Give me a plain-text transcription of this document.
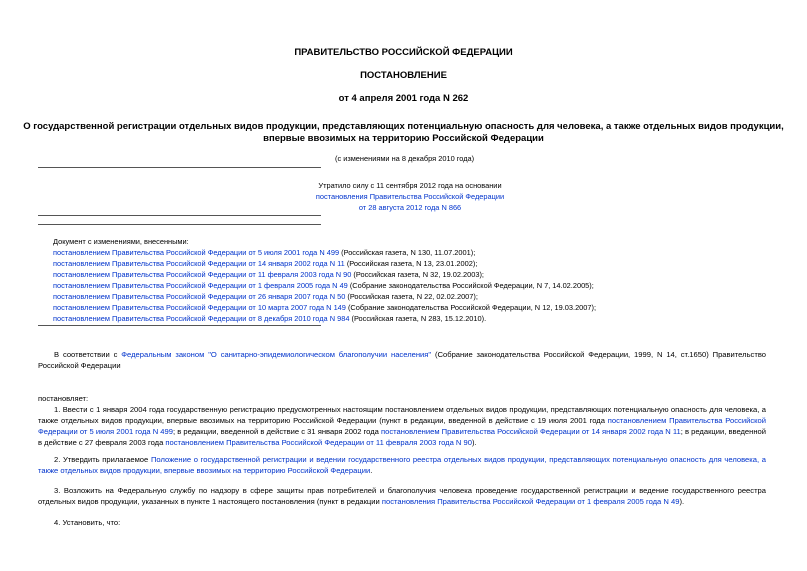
ПРАВИТЕЛЬСТВО РОССИЙСКОЙ ФЕДЕРАЦИИ
ПОСТАНОВЛЕНИЕ
от 4 апреля 2001 года N 262
О государственной регистрации отдельных видов продукции, представляющих потенциальную опасность для человека, а также отдельных видов продукции,
впервые ввозимых на территорию Российской Федерации
(с изменениями на 8 декабря 2010 года)
Утратило силу с 11 сентября 2012 года на основании
постановления Правительства Российской Федерации
от 28 августа 2012 года N 866
Документ с изменениями, внесенными:
постановлением Правительства Российской Федерации от 5 июля 2001 года N 499 (Российская газета, N 130, 11.07.2001);
постановлением Правительства Российской Федерации от 14 января 2002 года N 11 (Российская газета, N 13, 23.01.2002);
постановлением Правительства Российской Федерации от 11 февраля 2003 года N 90 (Российская газета, N 32, 19.02.2003);
постановлением Правительства Российской Федерации от 1 февраля 2005 года N 49 (Собрание законодательства Российской Федерации, N 7, 14.02.2005);
постановлением Правительства Российской Федерации от 26 января 2007 года N 50 (Российская газета, N 22, 02.02.2007);
постановлением Правительства Российской Федерации от 10 марта 2007 года N 149 (Собрание законодательства Российской Федерации, N 12, 19.03.2007);
постановлением Правительства Российской Федерации от 8 декабря 2010 года N 984 (Российская газета, N 283, 15.12.2010).
В соответствии с Федеральным законом "О санитарно-эпидемиологическом благополучии населения" (Собрание законодательства Российской Федерации, 1999, N 14, ст.1650) Правительство Российской Федерации
постановляет:
1. Ввести с 1 января 2004 года государственную регистрацию предусмотренных настоящим постановлением отдельных видов продукции, представляющих потенциальную опасность для человека, а также отдельных видов продукции, впервые ввозимых на территорию Российской Федерации (пункт в редакции, введенной в действие с 19 июля 2001 года постановлением Правительства Российской Федерации от 5 июля 2001 года N 499; в редакции, введенной в действие с 31 января 2002 года постановлением Правительства Российской Федерации от 14 января 2002 года N 11; в редакции, введенной в действие с 27 февраля 2003 года постановлением Правительства Российской Федерации от 11 февраля 2003 года N 90).
2. Утвердить прилагаемое Положение о государственной регистрации и ведении государственного реестра отдельных видов продукции, представляющих потенциальную опасность для человека, а также отдельных видов продукции, впервые ввозимых на территорию Российской Федерации.
3. Возложить на Федеральную службу по надзору в сфере защиты прав потребителей и благополучия человека проведение государственной регистрации и ведение государственного реестра отдельных видов продукции, указанных в пункте 1 настоящего постановления (пункт в редакции постановления Правительства Российской Федерации от 1 февраля 2005 года N 49).
4. Установить, что:
